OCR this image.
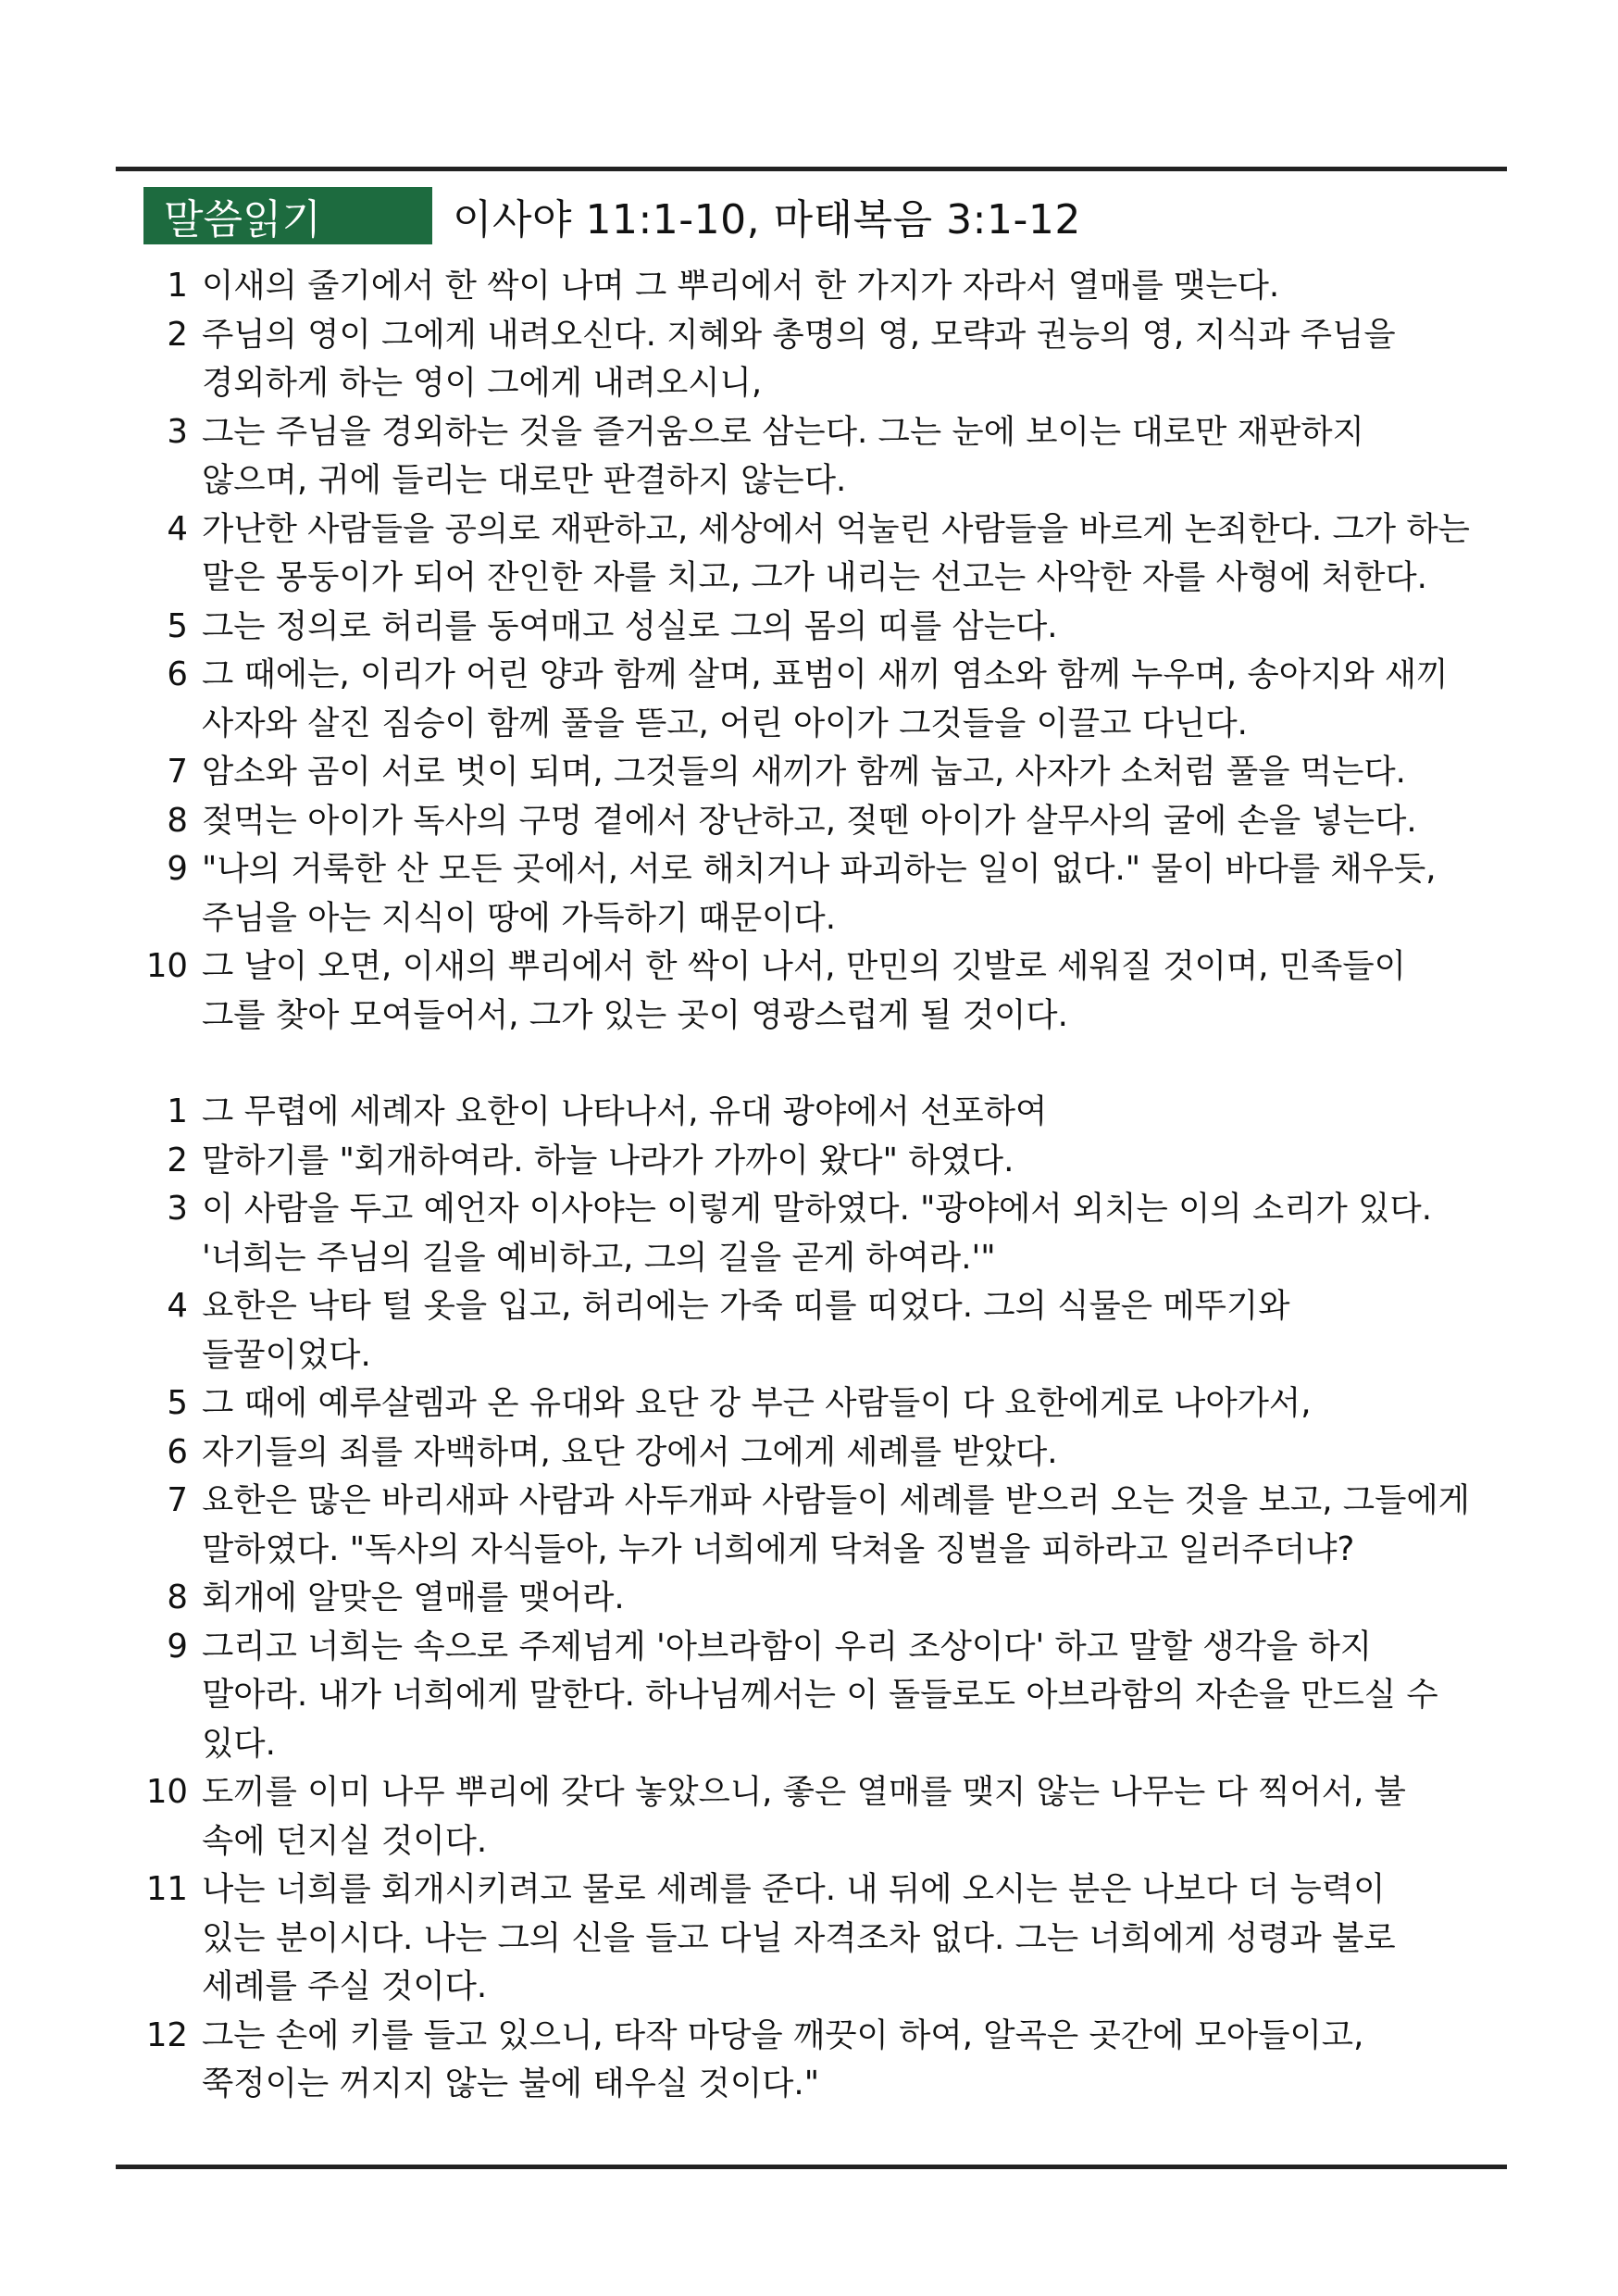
말씀읽기	이사야 11:1-10, 마태복음 3:1-12
1 이새의 줄기에서 한 싹이 나며 그 뿌리에서 한 가지가 자라서 열매를 맺는다.
2 주님의 영이 그에게 내려오신다. 지혜와 총명의 영, 모략과 권능의 영, 지식과 주님을
경외하게 하는 영이 그에게 내려오시니,
3 그는 주님을 경외하는 것을 즐거움으로 삼는다. 그는 눈에 보이는 대로만 재판하지
않으며, 귀에 들리는 대로만 판결하지 않는다.
4 가난한 사람들을 공의로 재판하고, 세상에서 억눌린 사람들을 바르게 논죄한다. 그가 하는
말은 몽둥이가 되어 잔인한 자를 치고, 그가 내리는 선고는 사악한 자를 사형에 처한다.
5 그는 정의로 허리를 동여매고 성실로 그의 몸의 띠를 삼는다.
6 그 때에는, 이리가 어린 양과 함께 살며, 표범이 새끼 염소와 함께 누우며, 송아지와 새끼
사자와 살진 짐승이 함께 풀을 뜯고, 어린 아이가 그것들을 이끌고 다닌다.
7 암소와 곰이 서로 벗이 되며, 그것들의 새끼가 함께 눕고, 사자가 소처럼 풀을 먹는다.
8 젖먹는 아이가 독사의 구멍 곁에서 장난하고, 젖뗀 아이가 살무사의 굴에 손을 넣는다.
9 "나의 거룩한 산 모든 곳에서, 서로 해치거나 파괴하는 일이 없다." 물이 바다를 채우듯,
주님을 아는 지식이 땅에 가득하기 때문이다.
10 그 날이 오면, 이새의 뿌리에서 한 싹이 나서, 만민의 깃발로 세워질 것이며, 민족들이
그를 찾아 모여들어서, 그가 있는 곳이 영광스럽게 될 것이다.
1 그 무렵에 세례자 요한이 나타나서, 유대 광야에서 선포하여
2 말하기를 "회개하여라. 하늘 나라가 가까이 왔다" 하였다.
3 이 사람을 두고 예언자 이사야는 이렇게 말하였다. "광야에서 외치는 이의 소리가 있다.
'너희는 주님의 길을 예비하고, 그의 길을 곧게 하여라.'"
4 요한은 낙타 털 옷을 입고, 허리에는 가죽 띠를 띠었다. 그의 식물은 메뚜기와
들꿀이었다.
5 그 때에 예루살렘과 온 유대와 요단 강 부근 사람들이 다 요한에게로 나아가서,
6 자기들의 죄를 자백하며, 요단 강에서 그에게 세례를 받았다.
7 요한은 많은 바리새파 사람과 사두개파 사람들이 세례를 받으러 오는 것을 보고, 그들에게
말하였다. "독사의 자식들아, 누가 너희에게 닥쳐올 징벌을 피하라고 일러주더냐?
8 회개에 알맞은 열매를 맺어라.
9 그리고 너희는 속으로 주제넘게 '아브라함이 우리 조상이다' 하고 말할 생각을 하지
말아라. 내가 너희에게 말한다. 하나님께서는 이 돌들로도 아브라함의 자손을 만드실 수
있다.
10 도끼를 이미 나무 뿌리에 갖다 놓았으니, 좋은 열매를 맺지 않는 나무는 다 찍어서, 불
속에 던지실 것이다.
11 나는 너희를 회개시키려고 물로 세례를 준다. 내 뒤에 오시는 분은 나보다 더 능력이
있는 분이시다. 나는 그의 신을 들고 다닐 자격조차 없다. 그는 너희에게 성령과 불로
세례를 주실 것이다.
12 그는 손에 키를 들고 있으니, 타작 마당을 깨끗이 하여, 알곡은 곳간에 모아들이고,
쭉정이는 꺼지지 않는 불에 태우실 것이다."
